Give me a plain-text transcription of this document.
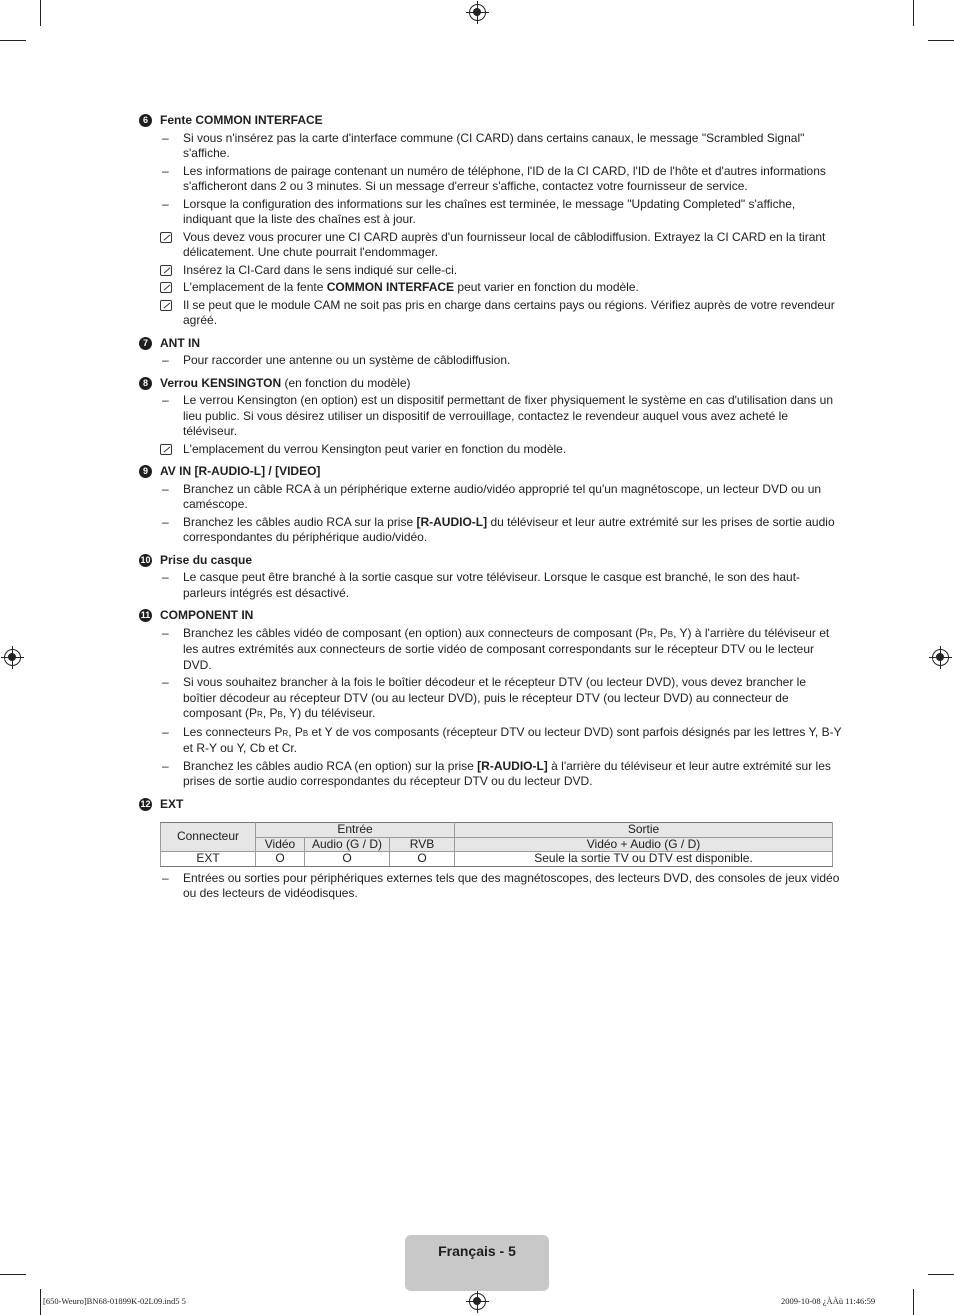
6	Fente COMMON INTERFACE
– Si vous n'insérez pas la carte d'interface commune (CI CARD) dans certains canaux, le message "Scrambled Signal" s'affiche.
– Les informations de pairage contenant un numéro de téléphone, l'ID de la CI CARD, l'ID de l'hôte et d'autres informations s'afficheront dans 2 ou 3 minutes. Si un message d'erreur s'affiche, contactez votre fournisseur de service.
– Lorsque la configuration des informations sur les chaînes est terminée, le message "Updating Completed" s'affiche, indiquant que la liste des chaînes est à jour.
Vous devez vous procurer une CI CARD auprès d'un fournisseur local de câblodiffusion. Extrayez la CI CARD en la tirant délicatement. Une chute pourrait l'endommager.
Insérez la CI-Card dans le sens indiqué sur celle-ci.
L'emplacement de la fente COMMON INTERFACE peut varier en fonction du modèle.
Il se peut que le module CAM ne soit pas pris en charge dans certains pays ou régions. Vérifiez auprès de votre revendeur agréé.
7	ANT IN
– Pour raccorder une antenne ou un système de câblodiffusion.
8	Verrou KENSINGTON (en fonction du modèle)
– Le verrou Kensington (en option) est un dispositif permettant de fixer physiquement le système en cas d'utilisation dans un lieu public. Si vous désirez utiliser un dispositif de verrouillage, contactez le revendeur auquel vous avez acheté le téléviseur.
L'emplacement du verrou Kensington peut varier en fonction du modèle.
9	AV IN [R-AUDIO-L] / [VIDEO]
– Branchez un câble RCA à un périphérique externe audio/vidéo approprié tel qu'un magnétoscope, un lecteur DVD ou un caméscope.
– Branchez les câbles audio RCA sur la prise [R-AUDIO-L] du téléviseur et leur autre extrémité sur les prises de sortie audio correspondantes du périphérique audio/vidéo.
10 Prise du casque
– Le casque peut être branché à la sortie casque sur votre téléviseur. Lorsque le casque est branché, le son des haut-parleurs intégrés est désactivé.
11 COMPONENT IN
– Branchez les câbles vidéo de composant (en option) aux connecteurs de composant (PR, PB, Y) à l'arrière du téléviseur et les autres extrémités aux connecteurs de sortie vidéo de composant correspondants sur le récepteur DTV ou le lecteur DVD.
– Si vous souhaitez brancher à la fois le boîtier décodeur et le récepteur DTV (ou lecteur DVD), vous devez brancher le boîtier décodeur au récepteur DTV (ou au lecteur DVD), puis le récepteur DTV (ou lecteur DVD) au connecteur de composant (PR, PB, Y) du téléviseur.
– Les connecteurs PR, PB et Y de vos composants (récepteur DTV ou lecteur DVD) sont parfois désignés par les lettres Y, B-Y et R-Y ou Y, Cb et Cr.
– Branchez les câbles audio RCA (en option) sur la prise [R-AUDIO-L] à l'arrière du téléviseur et leur autre extrémité sur les prises de sortie audio correspondantes du récepteur DTV ou du lecteur DVD.
12 EXT
Connecteur	Entrée			Sortie
	Vidéo	Audio (G / D)	RVB	Vidéo + Audio (G / D)
EXT	O	O	O	Seule la sortie TV ou DTV est disponible.
– Entrées ou sorties pour périphériques externes tels que des magnétoscopes, des lecteurs DVD, des consoles de jeux vidéo ou des lecteurs de vidéodisques.
Français - 5
[650-Weuro]BN68-01899K-02L09.ind5 5	2009-10-08 ¿ÀÀü 11:46:59
